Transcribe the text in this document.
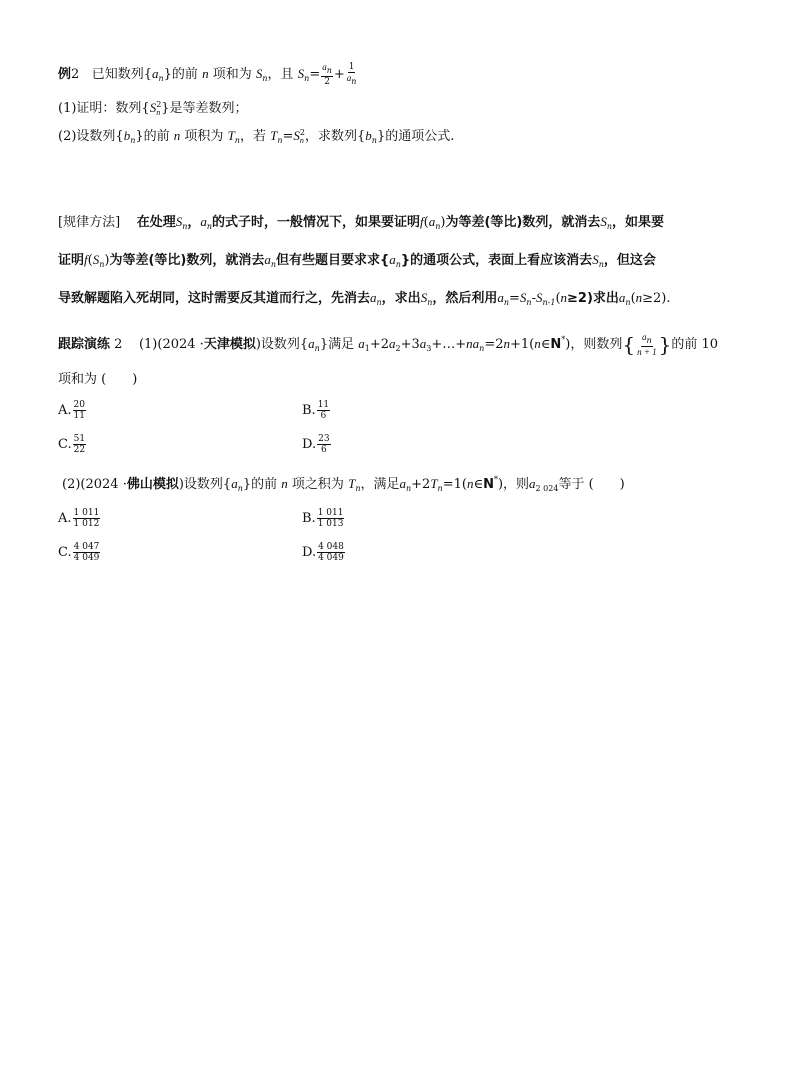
例2 已知数列$\{a_n\}$的前 n 项和为 $S_n$，且 $S_n= \frac{an}{2} + \frac{1}{an}$
(1)证明：数列{S 2
n }是等差数列；
(2)设数列$\{b_n\}$的前 n 项积为 $T_n$，若 $T_n=S$ 2
n ，求数列$\{b_n\}$的通项公式.
[规律方法] 在处理$S_n$，$a_n$的式子时，一般情况下，如果要证明$f(a_n)$为等差(等比)数列，就消去$S_n$，如果要
证明$f(S_n)$为等差(等比)数列，就消去$a_n$但有些题目要求求$\{a_n\}$的通项公式，表面上看应该消去$S_n$，但这会
导致解题陷入死胡同，这时需要反其道而行之，先消去$a_n$，求出$S_n$，然后利用$a_n=S_n-S_{n-1}(n\ge 2)$求出$a_n(n\ge 2)$.
跟踪演练 2 (1)(2024 ·天津模拟)设数列$\{a_n\}$满足 $a_1+2a_2+3a_3+\dots+na_n=2n+1(n\in N^*)$，则数列{ $\frac{an}{n + 1}$ }的前 10
项和为 (　　)
A. $\frac{20}{11}$	B. $\frac{11}{6}$
C. $\frac{51}{22}$	D. $\frac{23}{6}$
(2)(2024 ·佛山模拟)设数列$\{a_n\}$的前 n 项之积为 $T_n$，满足$a_n+2T_n=1(n\in N^*)$，则$a_{2 024}$等于 (　　)
A. $\frac{1 011}{1 012}$	B. $\frac{1 011}{1 013}$
C. $\frac{4 047}{4 049}$	D. $\frac{4 048}{4 049}$
